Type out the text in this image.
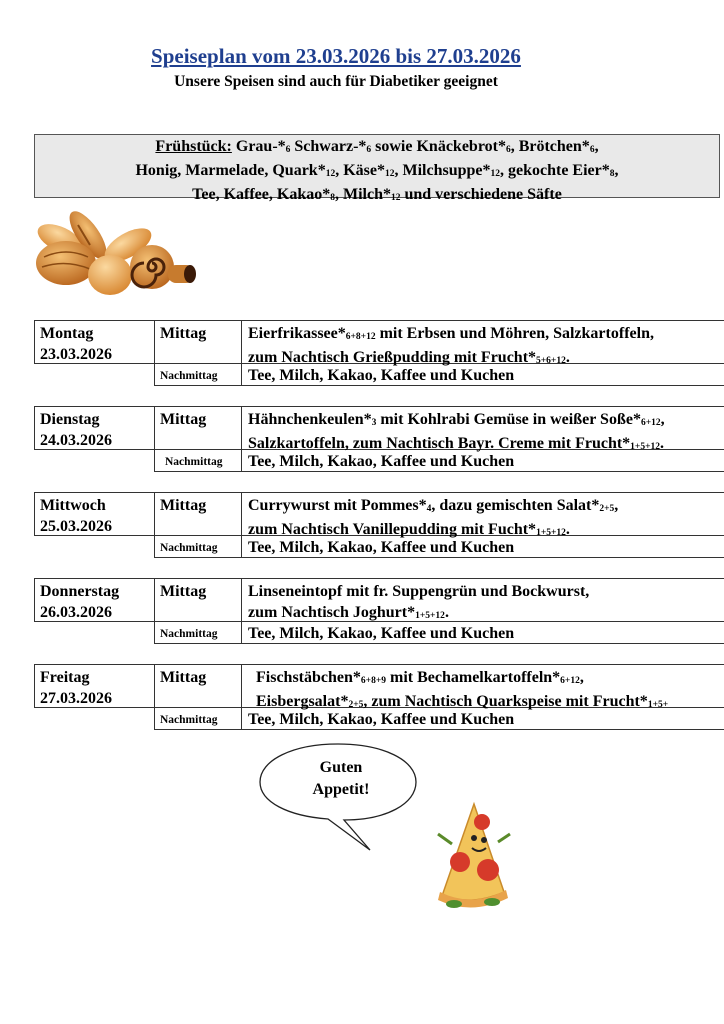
Speiseplan vom 23.03.2026 bis 27.03.2026
Unsere Speisen sind auch für Diabetiker geeignet
Frühstück: Grau-$*_6$ Schwarz-$*_6$ sowie $Knäckebrot*_6$, $Brötchen*_6$,
Honig, Marmelade, $Quark*_{12}$, $Käse*_{12}$, $Milchsuppe*_{12}$, gekochte $Eier*_8$,
Tee, Kaffee, $Kakao*_8$, $Milch*_{12}$ und verschiedene Säfte
Montag
23.03.2026
Mittag
Nachmittag
$Eierfrikassee*_{6+8+12}$ mit Erbsen und Möhren, Salzkartoffeln,
zum Nachtisch Grießpudding mit $Frucht*_{5+6+12}$.
Tee, Milch, Kakao, Kaffee und Kuchen
Dienstag
24.03.2026
Mittag
Nachmittag
$Hähnchenkeulen*_3$ mit Kohlrabi Gemüse in weißer $Soße*_{6+12}$,
Salzkartoffeln, zum Nachtisch Bayr. Creme mit $Frucht*_{1+5+12}$.
Tee, Milch, Kakao, Kaffee und Kuchen
Mittwoch
25.03.2026
Mittag
Nachmittag
Currywurst mit $Pommes*_4$, dazu gemischten $Salat*_{2+5}$,
zum Nachtisch Vanillepudding mit $Fucht*_{1+5+12}$.
Tee, Milch, Kakao, Kaffee und Kuchen
Donnerstag
26.03.2026
Mittag
Nachmittag
Linseneintopf mit fr. Suppengrün und Bockwurst,
zum Nachtisch $Joghurt*_{1+5+12}$.
Tee, Milch, Kakao, Kaffee und Kuchen
Freitag
27.03.2026
Mittag
Nachmittag
$Fischstäbchen*_{6+8+9}$ mit $Bechamelkartoffeln*_{6+12}$,
$Eisbergsalat*_{2+5}$, zum Nachtisch Quarkspeise mit $Frucht*_{1+5+}$
Tee, Milch, Kakao, Kaffee und Kuchen
Guten
Appetit!
